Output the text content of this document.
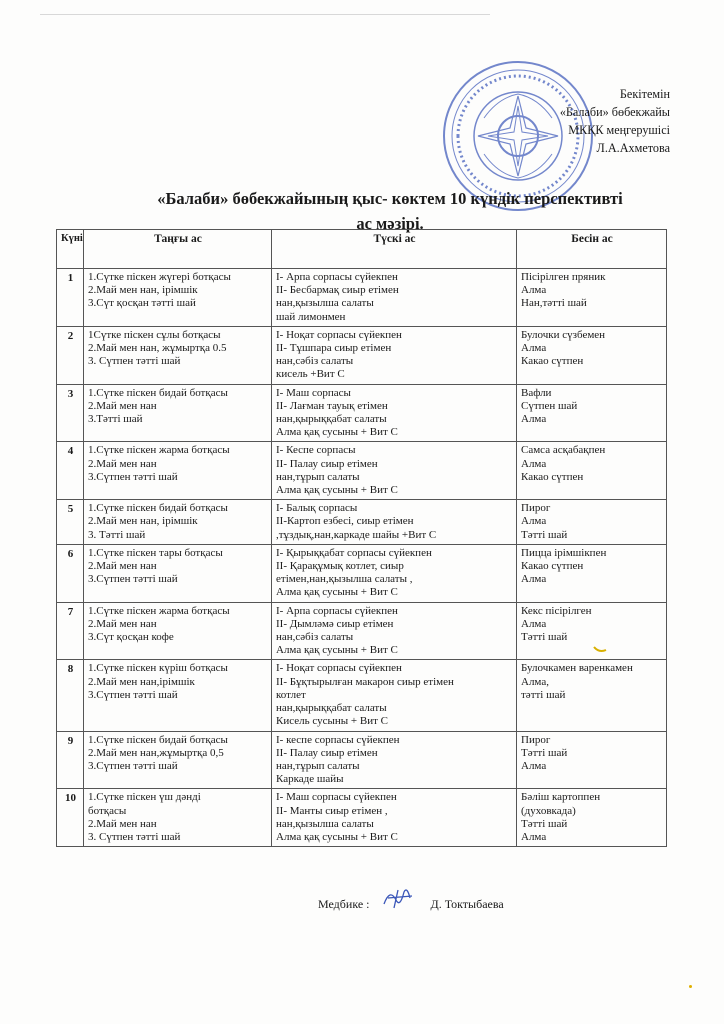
Бекітемін
«Балаби» бөбекжайы
МКҚК меңгерушісі
Л.А.Ахметова
«Балаби» бөбекжайының қыс- көктем 10 күндік перспективті
ас мәзірі.
Күні	Таңғы ас	Түскі ас	Бесін ас
1	1.Сүтке піскен жүгері ботқасы
2.Май мен нан, ірімшік
3.Сүт қосқан тәтті шай	I- Арпа сорпасы сүйекпен
II- Бесбармақ сиыр етімен
нан,қызылша салаты
шай лимонмен	Пісірілген пряник
Алма
Нан,тәтті шай

2	1Сүтке піскен сұлы ботқасы
2.Май мен нан, жұмыртқа 0.5
3. Сүтпен тәтті шай	I- Ноқат сорпасы сүйекпен
II- Тұшпара сиыр етімен
нан,сәбіз салаты
кисель +Вит С	Булочки сүзбемен
Алма
Какао сүтпен

3	1.Сүтке піскен бидай ботқасы
2.Май мен нан
3.Тәтті шай	I- Маш сорпасы
II- Лағман тауық етімен
нан,қырыққабат салаты
Алма қақ сусыны + Вит С	Вафли
Сүтпен шай
Алма

4	1.Сүтке піскен жарма ботқасы
2.Май мен нан
3.Сүтпен тәтті шай	I- Кеспе сорпасы
II- Палау сиыр етімен
нан,тұрып салаты
Алма қақ сусыны + Вит С	Самса асқабақпен
Алма
Какао сүтпен

5	1.Сүтке піскен бидай ботқасы
2.Май мен нан, ірімшік
3. Тәтті шай	I- Балық сорпасы
II-Картоп езбесі, сиыр етімен
,тұздық,нан,каркаде шайы +Вит С	Пирог
Алма
Тәтті шай

6	1.Сүтке піскен тары ботқасы
2.Май мен нан
3.Сүтпен тәтті шай	I- Қырыққабат сорпасы сүйекпен
II- Қарақұмық котлет, сиыр
етімен,нан,қызылша салаты ,
Алма қақ сусыны + Вит С	Пицца ірімшікпен
Какао сүтпен
Алма

7	1.Сүтке піскен жарма ботқасы
2.Май мен нан
3.Сүт қосқан кофе	I- Арпа сорпасы сүйекпен
II- Дымләмә сиыр етімен
нан,сәбіз салаты
Алма қақ сусыны + Вит С	Кекс пісірілген
Алма
Тәтті шай

8	1.Сүтке піскен күріш ботқасы
2.Май мен нан,ірімшік
3.Сүтпен тәтті шай	I- Ноқат сорпасы сүйекпен
II- Бұқтырылған макарон сиыр етімен
котлет
нан,қырыққабат салаты
Кисель сусыны + Вит С	Булочкамен варенкамен
Алма,
тәтті шай

9	1.Сүтке піскен бидай ботқасы
2.Май мен нан,жұмыртқа 0,5
3.Сүтпен тәтті шай	I- кеспе сорпасы сүйекпен
II- Палау сиыр етімен
нан,тұрып салаты
Каркаде шайы	Пирог
Тәтті шай
Алма

10	1.Сүтке піскен үш дәнді
ботқасы
2.Май мен нан
3. Сүтпен тәтті шай	I- Маш сорпасы сүйекпен
II- Манты сиыр етімен ,
нан,қызылша салаты
Алма қақ сусыны + Вит С	Бәліш картоппен
(духовкада)
Тәтті шай
Алма
Медбике :	Д. Токтыбаева
